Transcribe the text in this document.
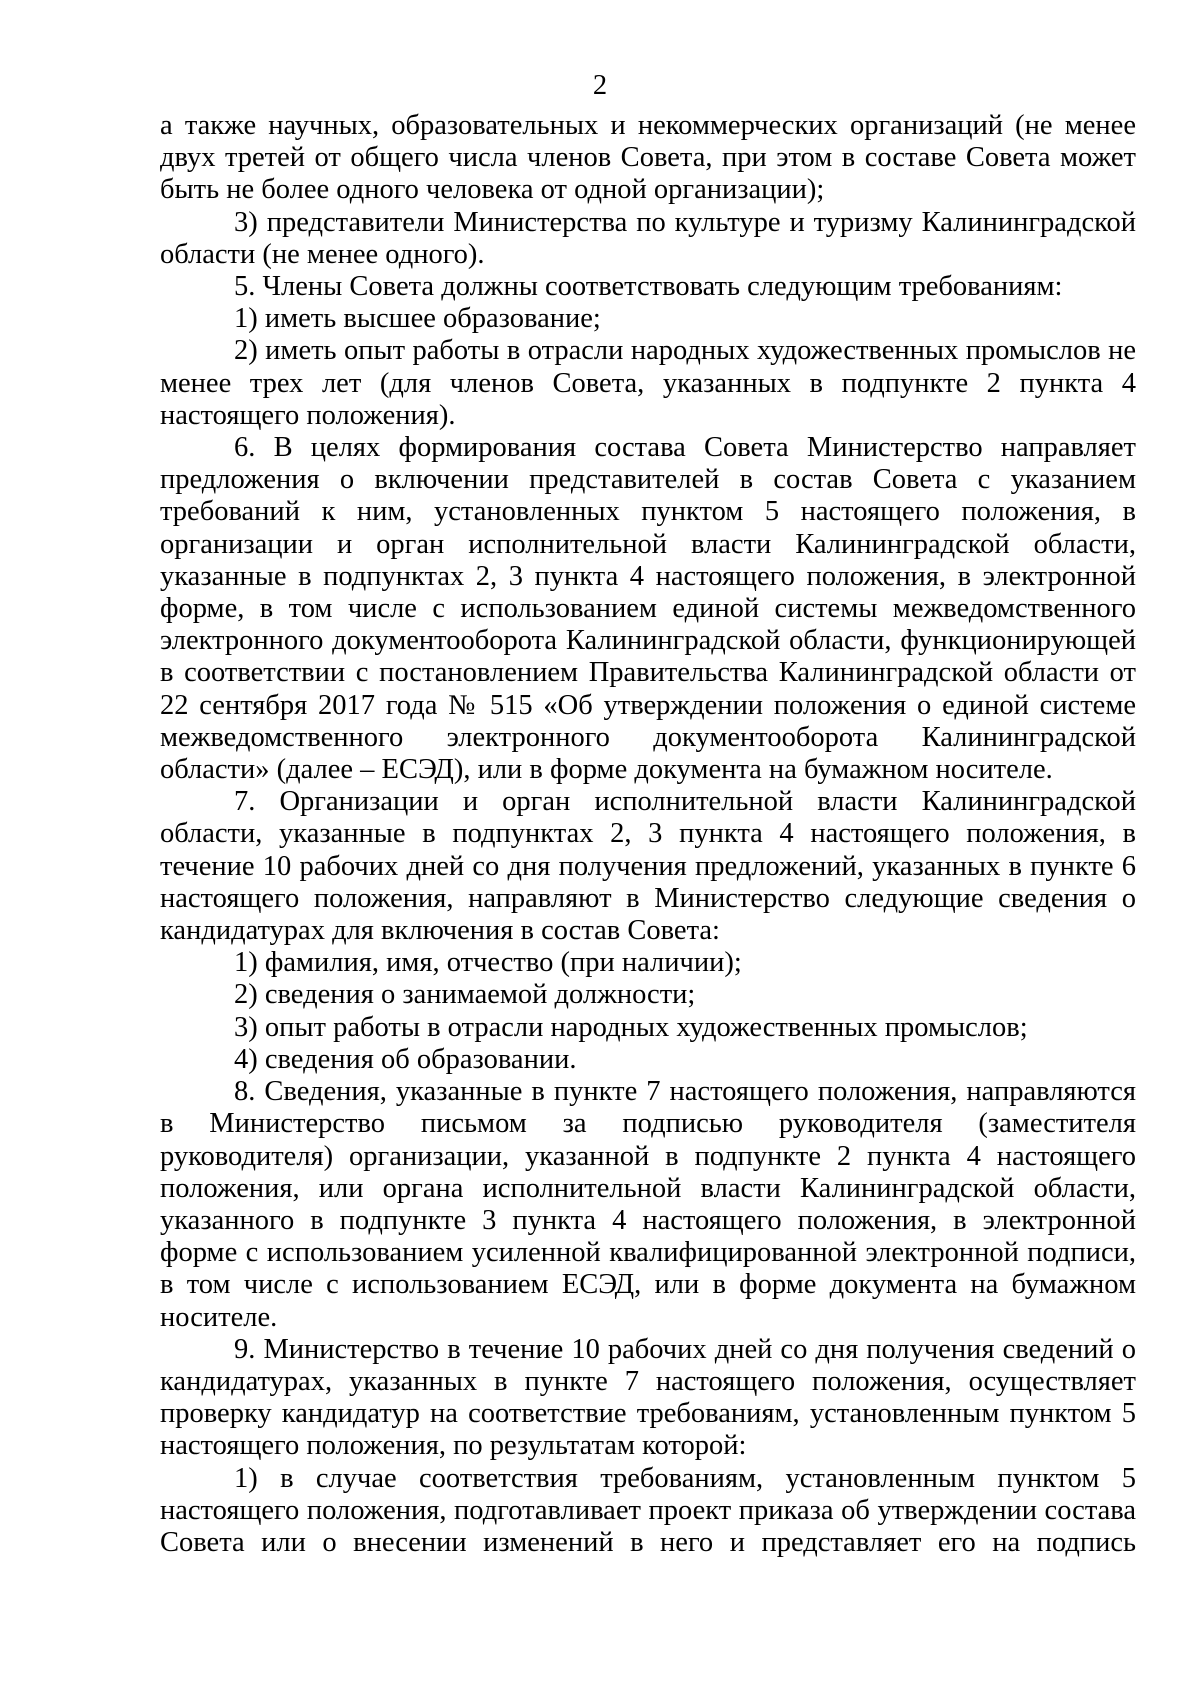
2

а также научных, образовательных и некоммерческих организаций (не менее двух третей от общего числа членов Совета, при этом в составе Совета может быть не более одного человека от одной организации);

3) представители Министерства по культуре и туризму Калининградской области (не менее одного).

5. Члены Совета должны соответствовать следующим требованиям:

1) иметь высшее образование;

2) иметь опыт работы в отрасли народных художественных промыслов не менее трех лет (для членов Совета, указанных в подпункте 2 пункта 4 настоящего положения).

6. В целях формирования состава Совета Министерство направляет предложения о включении представителей в состав Совета с указанием требований к ним, установленных пунктом 5 настоящего положения, в организации и орган исполнительной власти Калининградской области, указанные в подпунктах 2, 3 пункта 4 настоящего положения, в электронной форме, в том числе с использованием единой системы межведомственного электронного документооборота Калининградской области, функционирующей в соответствии с постановлением Правительства Калининградской области от 22 сентября 2017 года № 515 «Об утверждении положения о единой системе межведомственного электронного документооборота Калининградской области» (далее – ЕСЭД), или в форме документа на бумажном носителе.

7. Организации и орган исполнительной власти Калининградской области, указанные в подпунктах 2, 3 пункта 4 настоящего положения, в течение 10 рабочих дней со дня получения предложений, указанных в пункте 6 настоящего положения, направляют в Министерство следующие сведения о кандидатурах для включения в состав Совета:

1) фамилия, имя, отчество (при наличии);

2) сведения о занимаемой должности;

3) опыт работы в отрасли народных художественных промыслов;

4) сведения об образовании.

8. Сведения, указанные в пункте 7 настоящего положения, направляются в Министерство письмом за подписью руководителя (заместителя руководителя) организации, указанной в подпункте 2 пункта 4 настоящего положения, или органа исполнительной власти Калининградской области, указанного в подпункте 3 пункта 4 настоящего положения, в электронной форме с использованием усиленной квалифицированной электронной подписи, в том числе с использованием ЕСЭД, или в форме документа на бумажном носителе.

9. Министерство в течение 10 рабочих дней со дня получения сведений о кандидатурах, указанных в пункте 7 настоящего положения, осуществляет проверку кандидатур на соответствие требованиям, установленным пунктом 5 настоящего положения, по результатам которой:

1) в случае соответствия требованиям, установленным пунктом 5 настоящего положения, подготавливает проект приказа об утверждении состава Совета или о внесении изменений в него и представляет его на подпись
